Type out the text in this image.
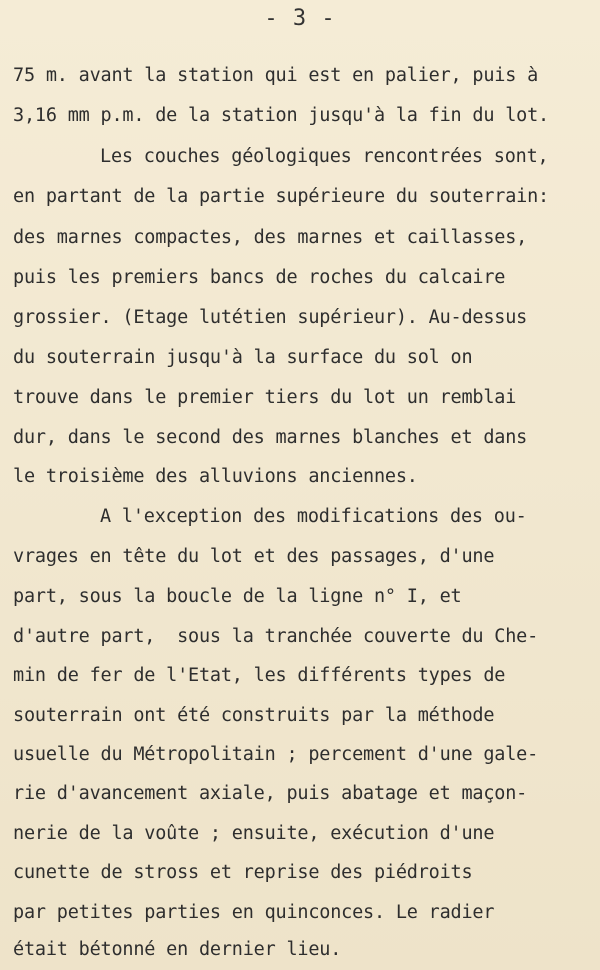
- 3 -
75 m. avant la station qui est en palier, puis à
3,16 mm p.m. de la station jusqu'à la fin du lot.
Les couches géologiques rencontrées sont,
en partant de la partie supérieure du souterrain:
des marnes compactes, des marnes et caillasses,
puis les premiers bancs de roches du calcaire
grossier. (Etage lutétien supérieur). Au-dessus
du souterrain jusqu'à la surface du sol on
trouve dans le premier tiers du lot un remblai
dur, dans le second des marnes blanches et dans
le troisième des alluvions anciennes.
A l'exception des modifications des ou-
vrages en tête du lot et des passages, d'une
part, sous la boucle de la ligne n° I, et
d'autre part,  sous la tranchée couverte du Che-
min de fer de l'Etat, les différents types de
souterrain ont été construits par la méthode
usuelle du Métropolitain ; percement d'une gale-
rie d'avancement axiale, puis abatage et maçon-
nerie de la voûte ; ensuite, exécution d'une
cunette de stross et reprise des piédroits
par petites parties en quinconces. Le radier
était bétonné en dernier lieu.
